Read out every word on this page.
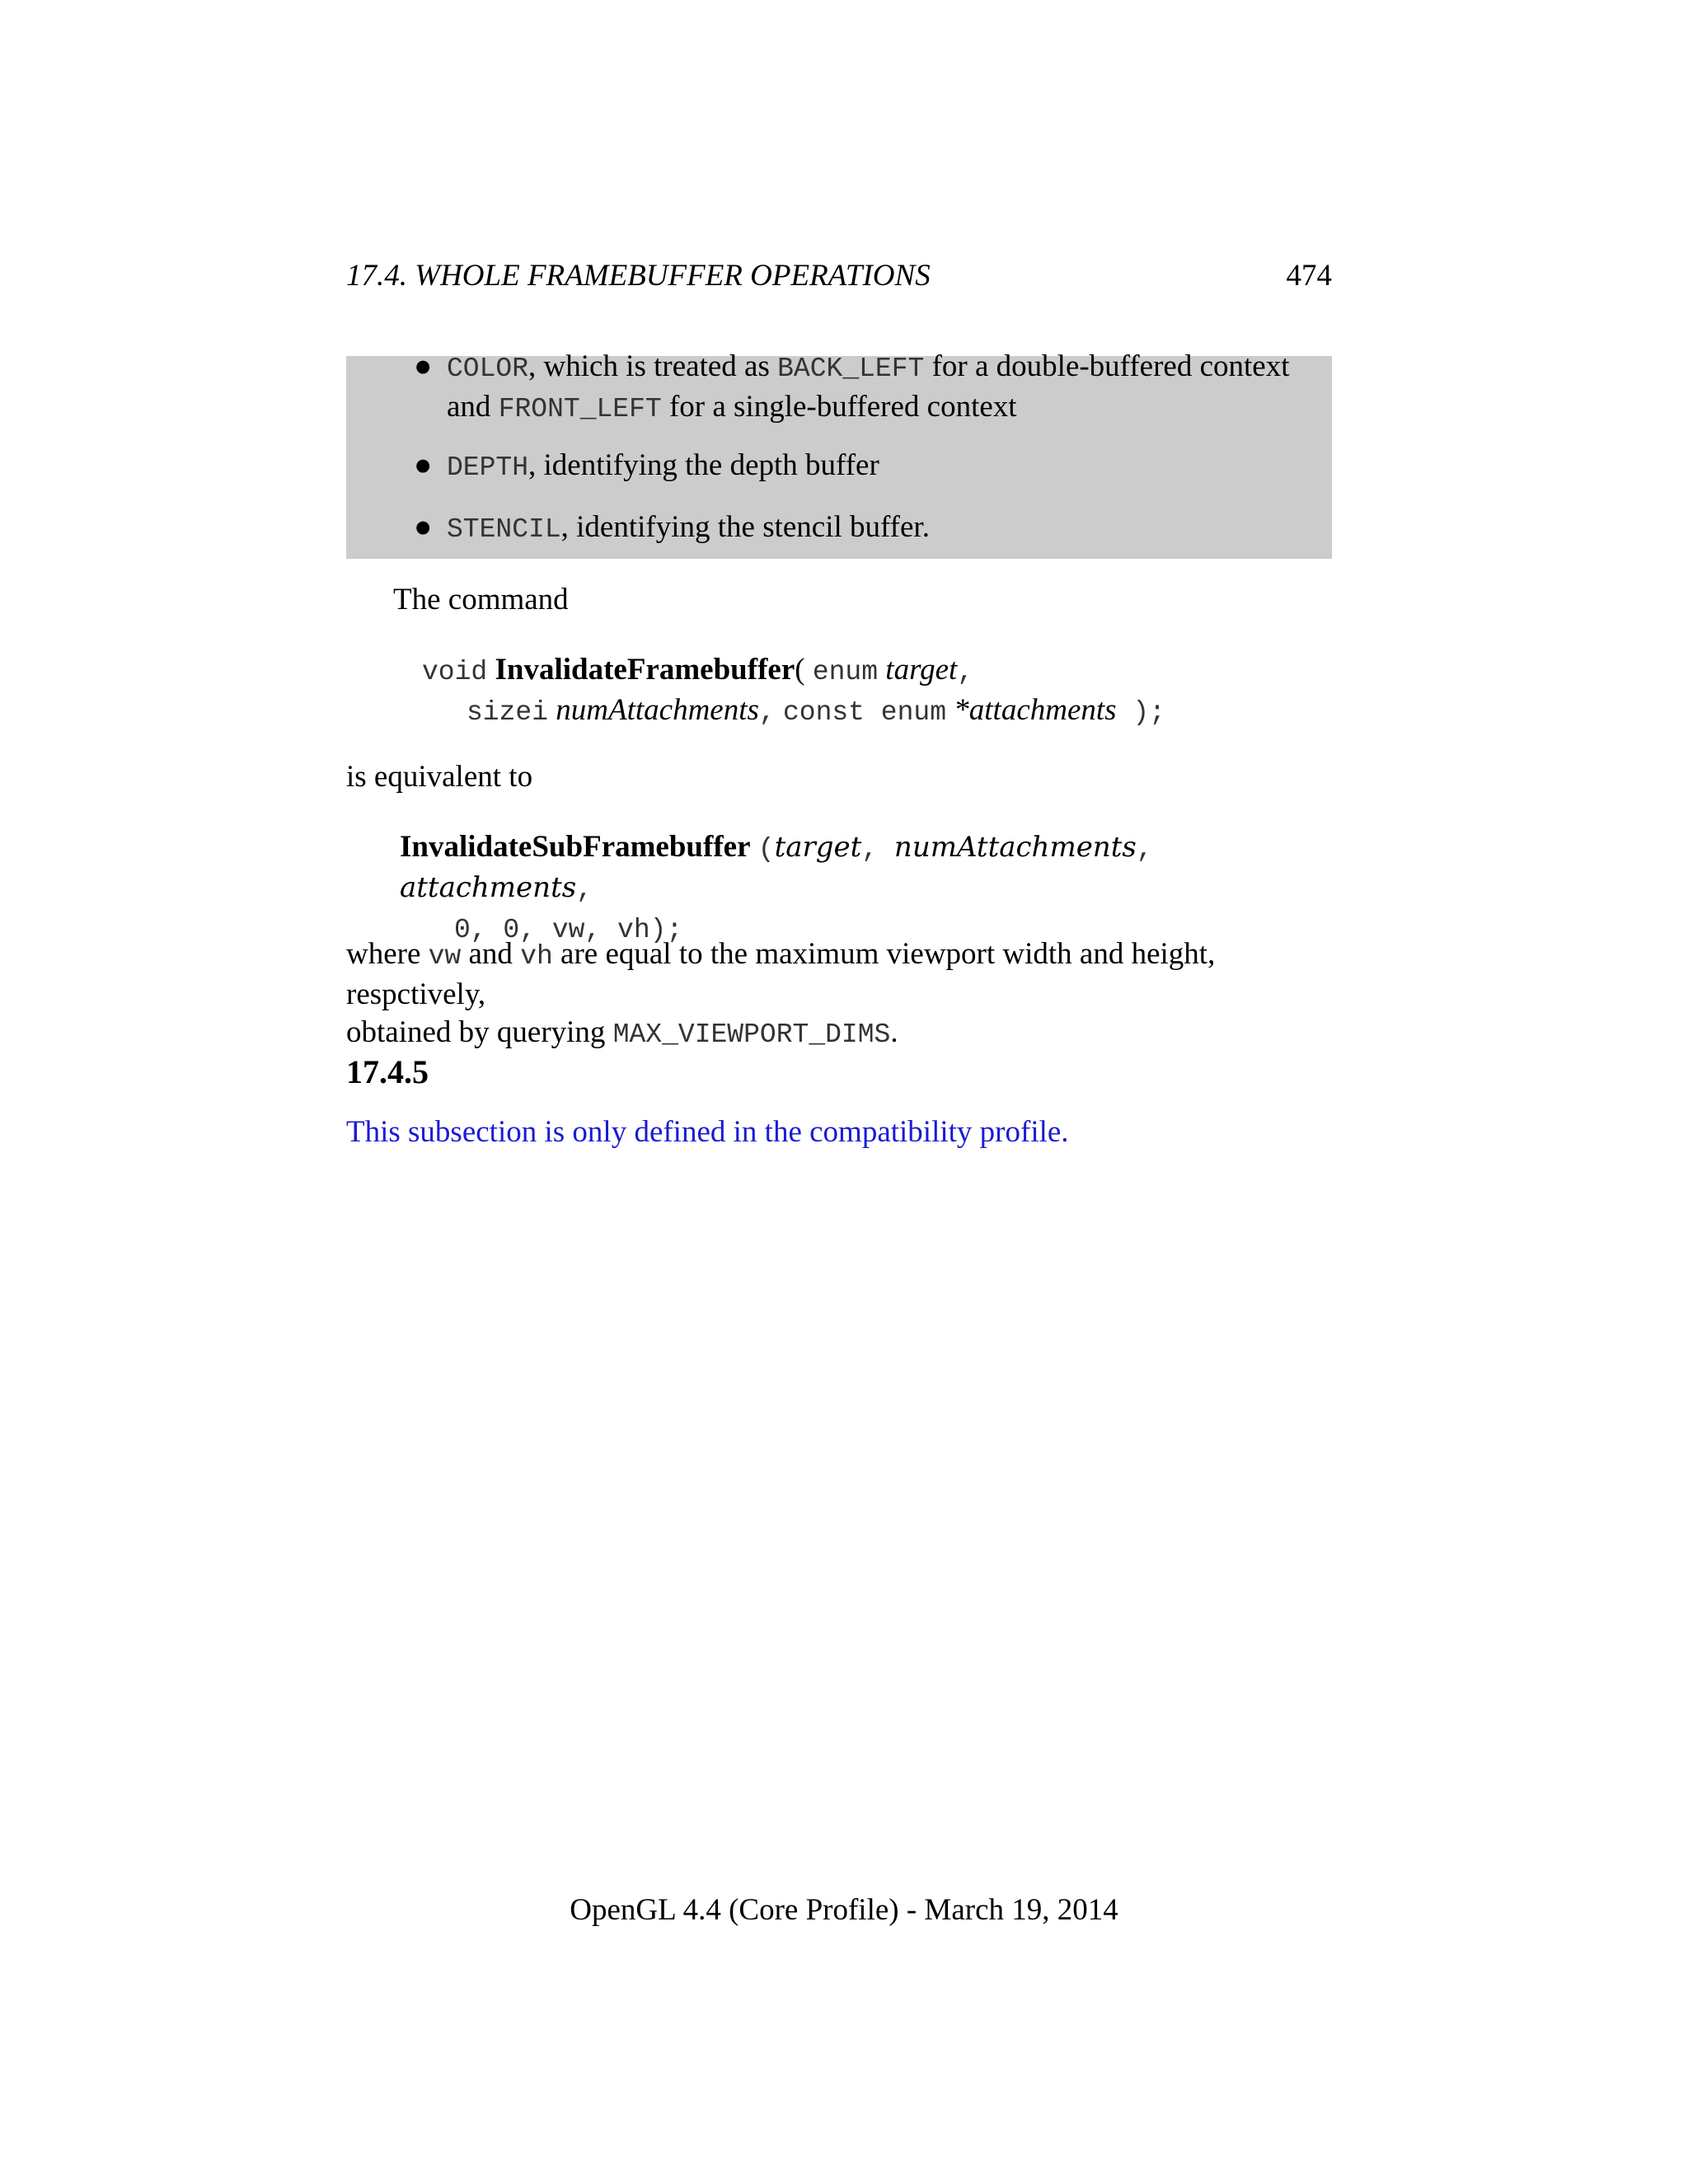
17.4. WHOLE FRAMEBUFFER OPERATIONS	474
● COLOR, which is treated as BACK_LEFT for a double-buffered context
and FRONT_LEFT for a single-buffered context
● DEPTH, identifying the depth buffer
● STENCIL, identifying the stencil buffer.
The command
void InvalidateFramebuffer( enum target,
sizei numAttachments, const enum *attachments );
is equivalent to
InvalidateSubFramebuffer (target, numAttachments, attachments,
0, 0, vw, vh);
where vw and vh are equal to the maximum viewport width and height, respctively,
obtained by querying MAX_VIEWPORT_DIMS.
17.4.5
This subsection is only defined in the compatibility profile.
OpenGL 4.4 (Core Profile) - March 19, 2014
